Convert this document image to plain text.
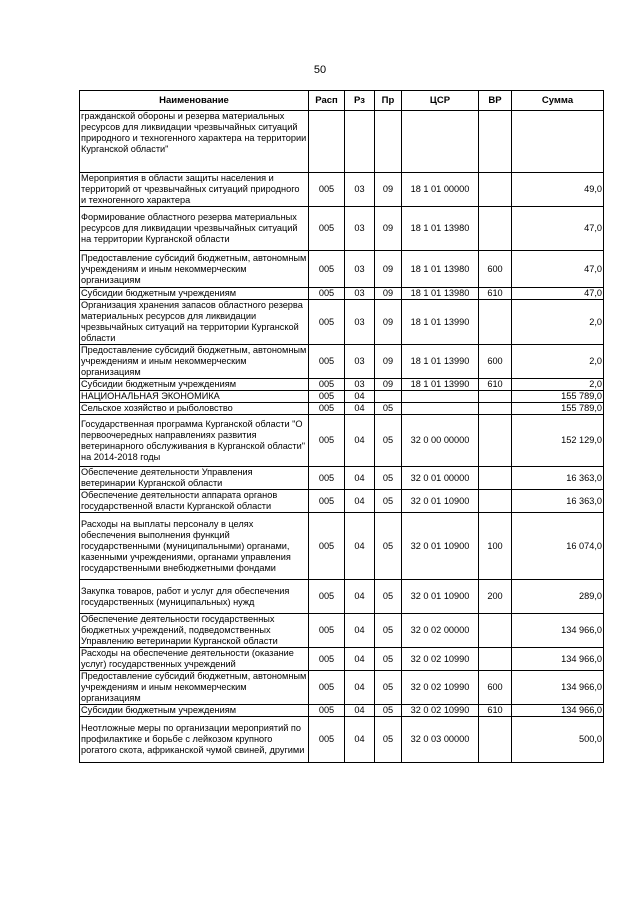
50
Наименование	Расп	Рз	Пр	ЦСР	ВР	Сумма
гражданской обороны и резерва материальных ресурсов для ликвидации чрезвычайных ситуаций природного и техногенного характера на территории Курганской области"						
Мероприятия в области защиты населения и территорий от чрезвычайных ситуаций природного и техногенного характера	005	03	09	18 1 01 00000		49,0
Формирование областного резерва материальных ресурсов для ликвидации чрезвычайных ситуаций на территории Курганской области	005	03	09	18 1 01 13980		47,0
Предоставление субсидий бюджетным, автономным учреждениям и иным некоммерческим организациям	005	03	09	18 1 01 13980	600	47,0
Субсидии бюджетным учреждениям	005	03	09	18 1 01 13980	610	47,0
Организация хранения запасов областного резерва материальных ресурсов для ликвидации чрезвычайных ситуаций на территории Курганской области	005	03	09	18 1 01 13990		2,0
Предоставление субсидий бюджетным, автономным учреждениям и иным некоммерческим организациям	005	03	09	18 1 01 13990	600	2,0
Субсидии бюджетным учреждениям	005	03	09	18 1 01 13990	610	2,0
НАЦИОНАЛЬНАЯ ЭКОНОМИКА	005	04				155 789,0
Сельское хозяйство и рыболовство	005	04	05			155 789,0
Государственная программа Курганской области "О первоочередных направлениях развития ветеринарного обслуживания в Курганской области" на 2014-2018 годы	005	04	05	32 0 00 00000		152 129,0
Обеспечение деятельности Управления ветеринарии Курганской области	005	04	05	32 0 01 00000		16 363,0
Обеспечение деятельности аппарата органов государственной власти Курганской области	005	04	05	32 0 01 10900		16 363,0
Расходы на выплаты персоналу в целях обеспечения выполнения функций государственными (муниципальными) органами, казенными учреждениями, органами управления государственными внебюджетными фондами	005	04	05	32 0 01 10900	100	16 074,0
Закупка товаров, работ и услуг для обеспечения государственных (муниципальных) нужд	005	04	05	32 0 01 10900	200	289,0
Обеспечение деятельности государственных бюджетных учреждений, подведомственных Управлению ветеринарии Курганской области	005	04	05	32 0 02 00000		134 966,0
Расходы на обеспечение деятельности (оказание услуг) государственных учреждений	005	04	05	32 0 02 10990		134 966,0
Предоставление субсидий бюджетным, автономным учреждениям и иным некоммерческим организациям	005	04	05	32 0 02 10990	600	134 966,0
Субсидии бюджетным учреждениям	005	04	05	32 0 02 10990	610	134 966,0
Неотложные меры по организации мероприятий по профилактике и борьбе с лейкозом крупного рогатого скота, африканской чумой свиней, другими	005	04	05	32 0 03 00000		500,0
